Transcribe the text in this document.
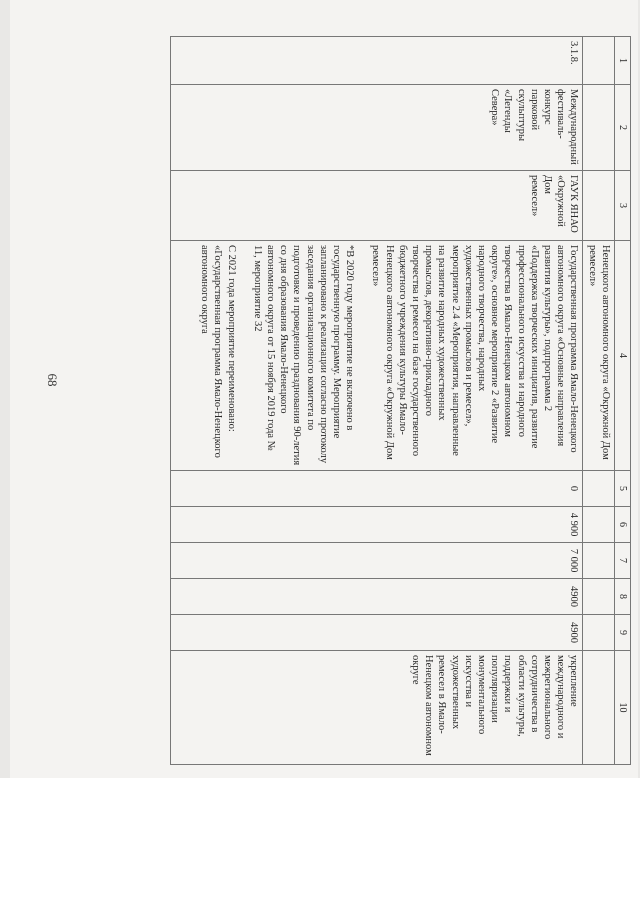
68
1	2	3	4	5	6	7	8	9	10
			Ненецкого автономного округа «Окружной Дом ремесел»						
3.1.8.	Международный фестиваль-конкурс парковой скульптуры «Легенды Севера»	ГАУК ЯНАО «Окружной Дом ремесел»	Государственная программа Ямало-Ненецкого автономного округа «Основные направления развития культуры», подпрограмма 2 «Поддержка творческих инициатив, развитие профессионального искусства и народного творчества в Ямало-Ненецком автономном округе», основное мероприятие 2 «Развитие народного творчества, народных художественных промыслов и ремесел», мероприятие 2.4 «Мероприятия, направленные на развитие народных художественных промыслов, декоративно-прикладного творчества и ремесел на базе государственного бюджетного учреждения культуры Ямало-Ненецкого автономного округа «Окружной Дом ремесел»

*В 2020 году мероприятие не включено в государственную программу. Мероприятие запланировано к реализации согласно протоколу заседания организационного комитета по подготовке и проведению празднования 90-летия со дня образования Ямало-Ненецкого автономного округа от 15 ноября 2019 года № 11, мероприятие 32

С 2021 года мероприятие переименовано: «Государственная программа Ямало-Ненецкого автономного округа	0	4 900	7 000	4900	4900	укрепление международного и межрегионального сотрудничества в области культуры, поддержки и популяризации монументального искусства и художественных ремесел в Ямало-Ненецком автономном округе
